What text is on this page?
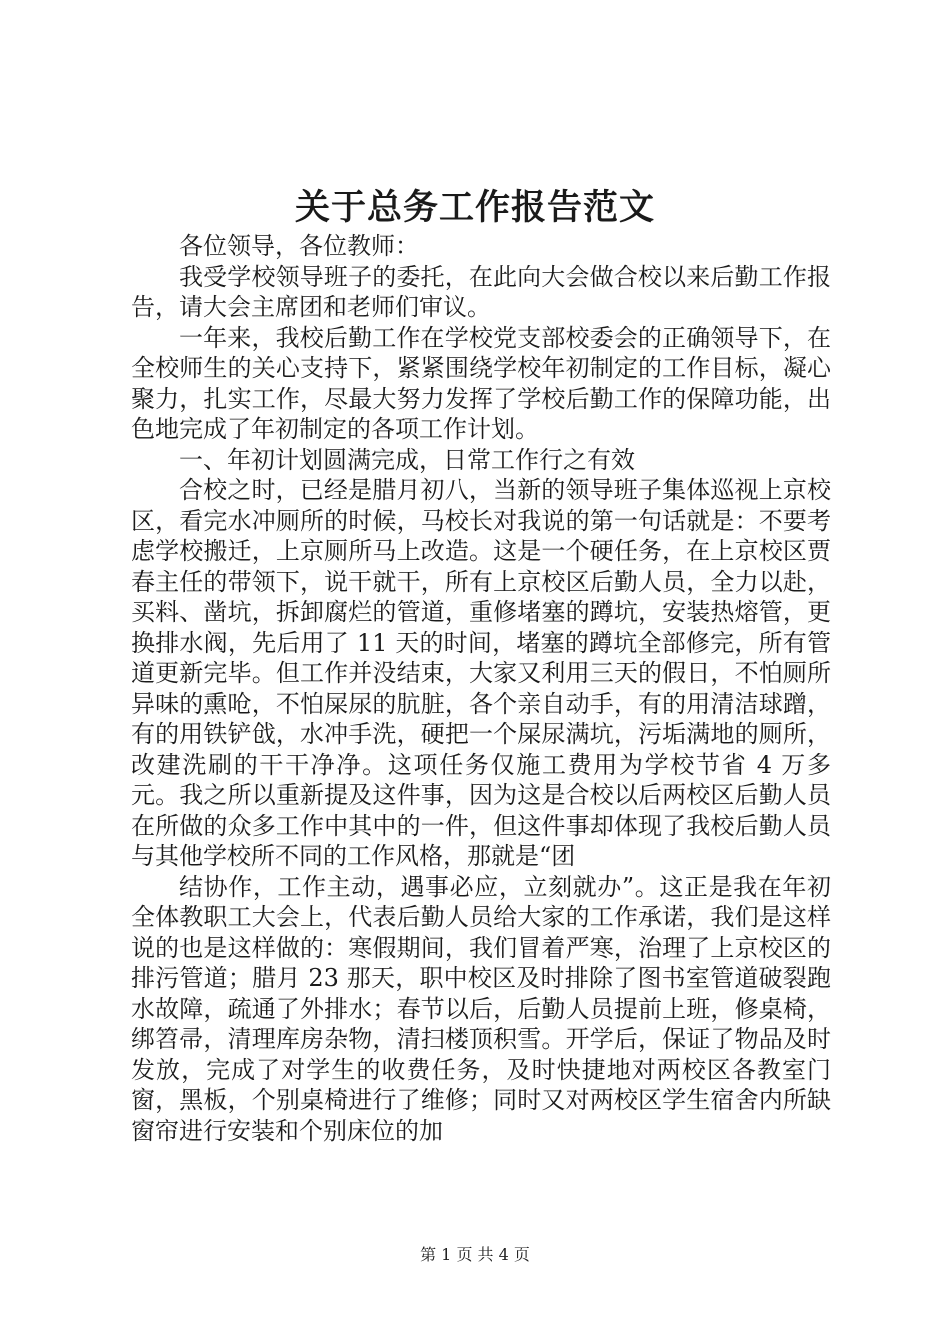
关于总务工作报告范文

各位领导，各位教师：

我受学校领导班子的委托，在此向大会做合校以来后勤工作报告，请大会主席团和老师们审议。

一年来，我校后勤工作在学校党支部校委会的正确领导下，在全校师生的关心支持下，紧紧围绕学校年初制定的工作目标，凝心聚力，扎实工作，尽最大努力发挥了学校后勤工作的保障功能，出色地完成了年初制定的各项工作计划。

一、年初计划圆满完成，日常工作行之有效

合校之时，已经是腊月初八，当新的领导班子集体巡视上京校区，看完水冲厕所的时候，马校长对我说的第一句话就是：不要考虑学校搬迁，上京厕所马上改造。这是一个硬任务，在上京校区贾春主任的带领下，说干就干，所有上京校区后勤人员，全力以赴，买料、凿坑，拆卸腐烂的管道，重修堵塞的蹲坑，安装热熔管，更换排水阀，先后用了 11 天的时间，堵塞的蹲坑全部修完，所有管道更新完毕。但工作并没结束，大家又利用三天的假日，不怕厕所异味的熏呛，不怕屎尿的肮脏，各个亲自动手，有的用清洁球蹭，有的用铁铲戗，水冲手洗，硬把一个屎尿满坑，污垢满地的厕所，改建洗刷的干干净净。这项任务仅施工费用为学校节省 4 万多元。我之所以重新提及这件事，因为这是合校以后两校区后勤人员在所做的众多工作中其中的一件，但这件事却体现了我校后勤人员与其他学校所不同的工作风格，那就是“团

结协作，工作主动，遇事必应，立刻就办”。这正是我在年初全体教职工大会上，代表后勤人员给大家的工作承诺，我们是这样说的也是这样做的：寒假期间，我们冒着严寒，治理了上京校区的排污管道；腊月 23 那天，职中校区及时排除了图书室管道破裂跑水故障，疏通了外排水；春节以后，后勤人员提前上班，修桌椅，绑笤帚，清理库房杂物，清扫楼顶积雪。开学后，保证了物品及时发放，完成了对学生的收费任务，及时快捷地对两校区各教室门窗，黑板，个别桌椅进行了维修；同时又对两校区学生宿舍内所缺窗帘进行安装和个别床位的加

第 1 页 共 4 页
